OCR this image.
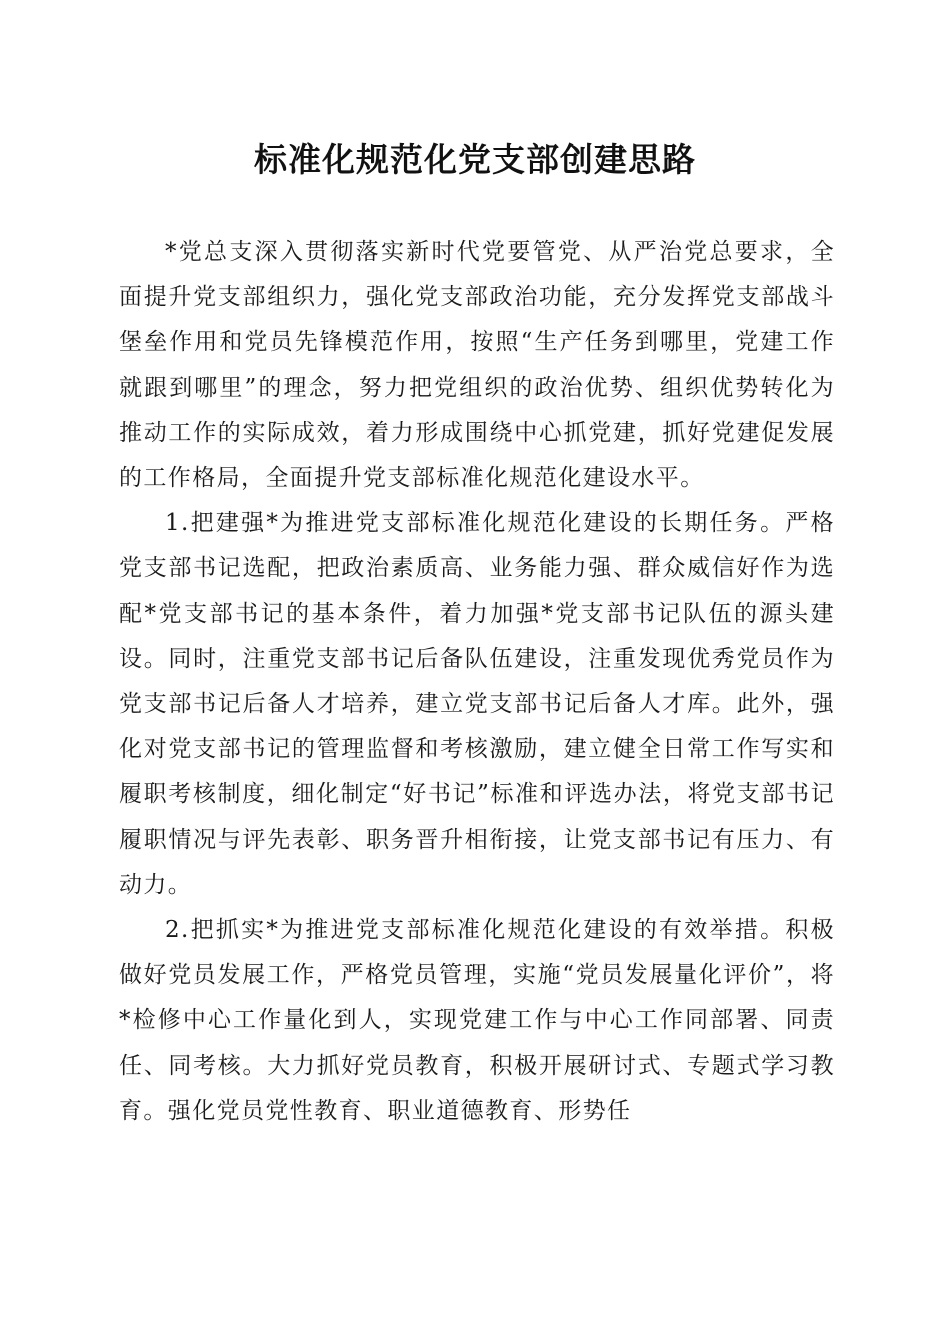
标准化规范化党支部创建思路

*党总支深入贯彻落实新时代党要管党、从严治党总要求，全面提升党支部组织力，强化党支部政治功能，充分发挥党支部战斗堡垒作用和党员先锋模范作用，按照“生产任务到哪里，党建工作就跟到哪里”的理念，努力把党组织的政治优势、组织优势转化为推动工作的实际成效，着力形成围绕中心抓党建，抓好党建促发展的工作格局，全面提升党支部标准化规范化建设水平。

1.把建强*为推进党支部标准化规范化建设的长期任务。严格党支部书记选配，把政治素质高、业务能力强、群众威信好作为选配*党支部书记的基本条件，着力加强*党支部书记队伍的源头建设。同时，注重党支部书记后备队伍建设，注重发现优秀党员作为党支部书记后备人才培养，建立党支部书记后备人才库。此外，强化对党支部书记的管理监督和考核激励，建立健全日常工作写实和履职考核制度，细化制定“好书记”标准和评选办法，将党支部书记履职情况与评先表彰、职务晋升相衔接，让党支部书记有压力、有动力。

2.把抓实*为推进党支部标准化规范化建设的有效举措。积极做好党员发展工作，严格党员管理，实施“党员发展量化评价”，将*检修中心工作量化到人，实现党建工作与中心工作同部署、同责任、同考核。大力抓好党员教育，积极开展研讨式、专题式学习教育。强化党员党性教育、职业道德教育、形势任
